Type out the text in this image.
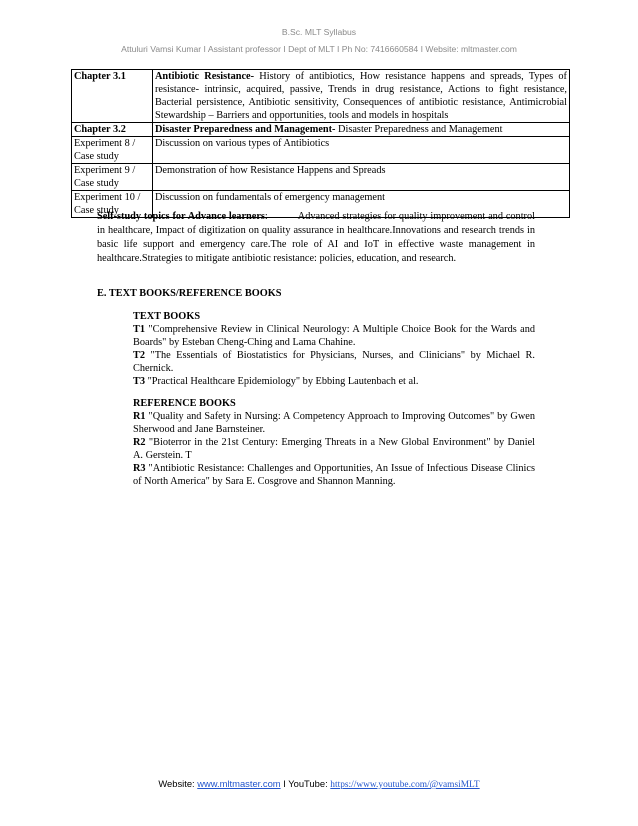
B.Sc. MLT Syllabus
Attuluri Vamsi Kumar I Assistant professor I Dept of MLT I Ph No: 7416660584 I Website: mltmaster.com
Chapter 3.1	Antibiotic Resistance- History of antibiotics, How resistance happens and spreads, Types of resistance- intrinsic, acquired, passive, Trends in drug resistance, Actions to fight resistance, Bacterial persistence, Antibiotic sensitivity, Consequences of antibiotic resistance, Antimicrobial Stewardship – Barriers and opportunities, tools and models in hospitals
Chapter 3.2	Disaster Preparedness and Management- Disaster Preparedness and Management
Experiment 8 /
Case study	Discussion on various types of Antibiotics
Experiment 9 /
Case study	Demonstration of how Resistance Happens and Spreads
Experiment 10 /
Case study	Discussion on fundamentals of emergency management
Self-study topics for Advance learners:	Advanced strategies for quality improvement and control in healthcare, Impact of digitization on quality assurance in healthcare.Innovations and research trends in basic life support and emergency care.The role of AI and IoT in effective waste management in healthcare.Strategies to mitigate antibiotic resistance: policies, education, and research.
E. TEXT BOOKS/REFERENCE BOOKS
TEXT BOOKS

T1 "Comprehensive Review in Clinical Neurology: A Multiple Choice Book for the Wards and Boards" by Esteban Cheng-Ching and Lama Chahine.

T2 "The Essentials of Biostatistics for Physicians, Nurses, and Clinicians" by Michael R. Chernick.

T3 "Practical Healthcare Epidemiology" by Ebbing Lautenbach et al.

REFERENCE BOOKS

R1 "Quality and Safety in Nursing: A Competency Approach to Improving Outcomes" by Gwen Sherwood and Jane Barnsteiner.

R2 "Bioterror in the 21st Century: Emerging Threats in a New Global Environment" by Daniel A. Gerstein. T

R3 "Antibiotic Resistance: Challenges and Opportunities, An Issue of Infectious Disease Clinics of North America" by Sara E. Cosgrove and Shannon Manning.

Website: www.mltmaster.com I YouTube: https://www.youtube.com/@vamsiMLT
